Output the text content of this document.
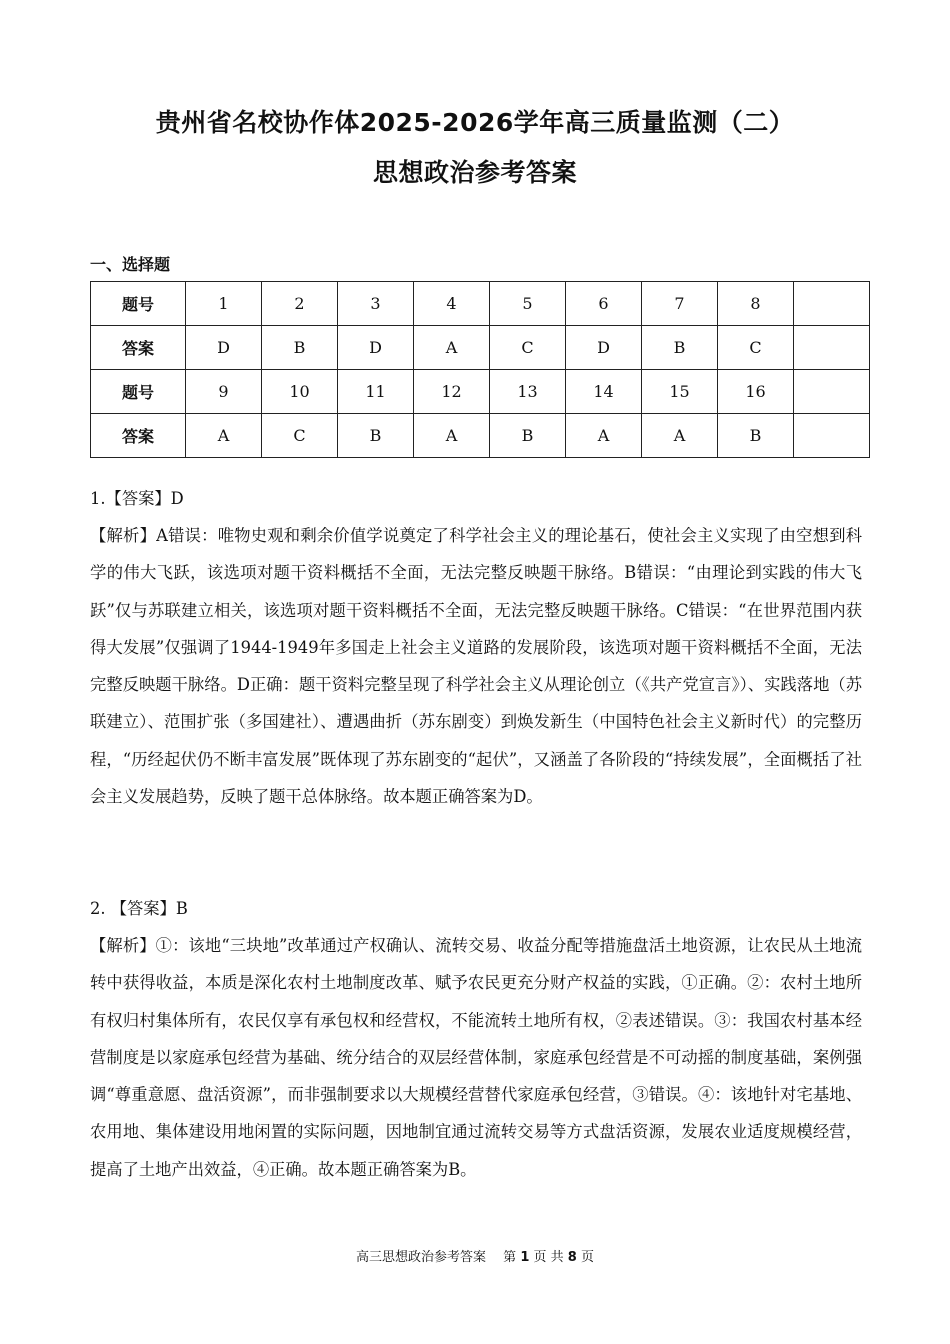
贵州省名校协作体2025-2026学年高三质量监测（二）
思想政治参考答案
一、选择题
题号	1	2	3	4	5	6	7	8	
答案	D	B	D	A	C	D	B	C	
题号	9	10	11	12	13	14	15	16	
答案	A	C	B	A	B	A	A	B	
1.【答案】D
【解析】A错误：唯物史观和剩余价值学说奠定了科学社会主义的理论基石，使社会主义实现了由空想到科学的伟大飞跃，该选项对题干资料概括不全面，无法完整反映题干脉络。B错误：“由理论到实践的伟大飞跃”仅与苏联建立相关，该选项对题干资料概括不全面，无法完整反映题干脉络。C错误：“在世界范围内获得大发展”仅强调了1944-1949年多国走上社会主义道路的发展阶段，该选项对题干资料概括不全面，无法完整反映题干脉络。D正确：题干资料完整呈现了科学社会主义从理论创立（《共产党宣言》）、实践落地（苏联建立）、范围扩张（多国建社）、遭遇曲折（苏东剧变）到焕发新生（中国特色社会主义新时代）的完整历程，“历经起伏仍不断丰富发展”既体现了苏东剧变的“起伏”，又涵盖了各阶段的“持续发展”，全面概括了社会主义发展趋势，反映了题干总体脉络。故本题正确答案为D。
2. 【答案】B
【解析】①：该地“三块地”改革通过产权确认、流转交易、收益分配等措施盘活土地资源，让农民从土地流转中获得收益，本质是深化农村土地制度改革、赋予农民更充分财产权益的实践，①正确。②：农村土地所有权归村集体所有，农民仅享有承包权和经营权，不能流转土地所有权，②表述错误。③：我国农村基本经营制度是以家庭承包经营为基础、统分结合的双层经营体制，家庭承包经营是不可动摇的制度基础，案例强调“尊重意愿、盘活资源”，而非强制要求以大规模经营替代家庭承包经营，③错误。④：该地针对宅基地、农用地、集体建设用地闲置的实际问题，因地制宜通过流转交易等方式盘活资源，发展农业适度规模经营，提高了土地产出效益，④正确。故本题正确答案为B。
高三思想政治参考答案　 第 1 页 共 8 页
